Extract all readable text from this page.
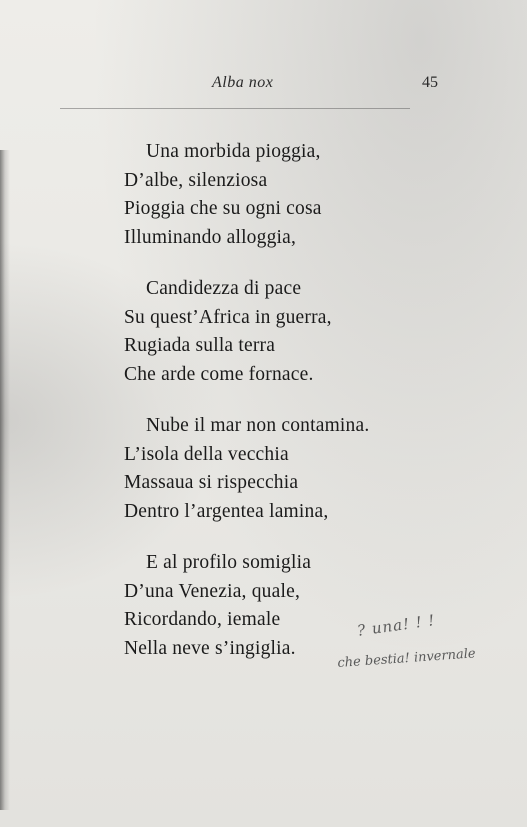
Alba nox	45
Una morbida pioggia,
D’albe, silenziosa
Pioggia che su ogni cosa
Illuminando alloggia,
Candidezza di pace
Su quest’Africa in guerra,
Rugiada sulla terra
Che arde come fornace.
Nube il mar non contamina.
L’isola della vecchia
Massaua si rispecchia
Dentro l’argentea lamina,
E al profilo somiglia
D’una Venezia, quale,
Ricordando, iemale
Nella neve s’ingiglia.
? una! ! !
che bestia! invernale
